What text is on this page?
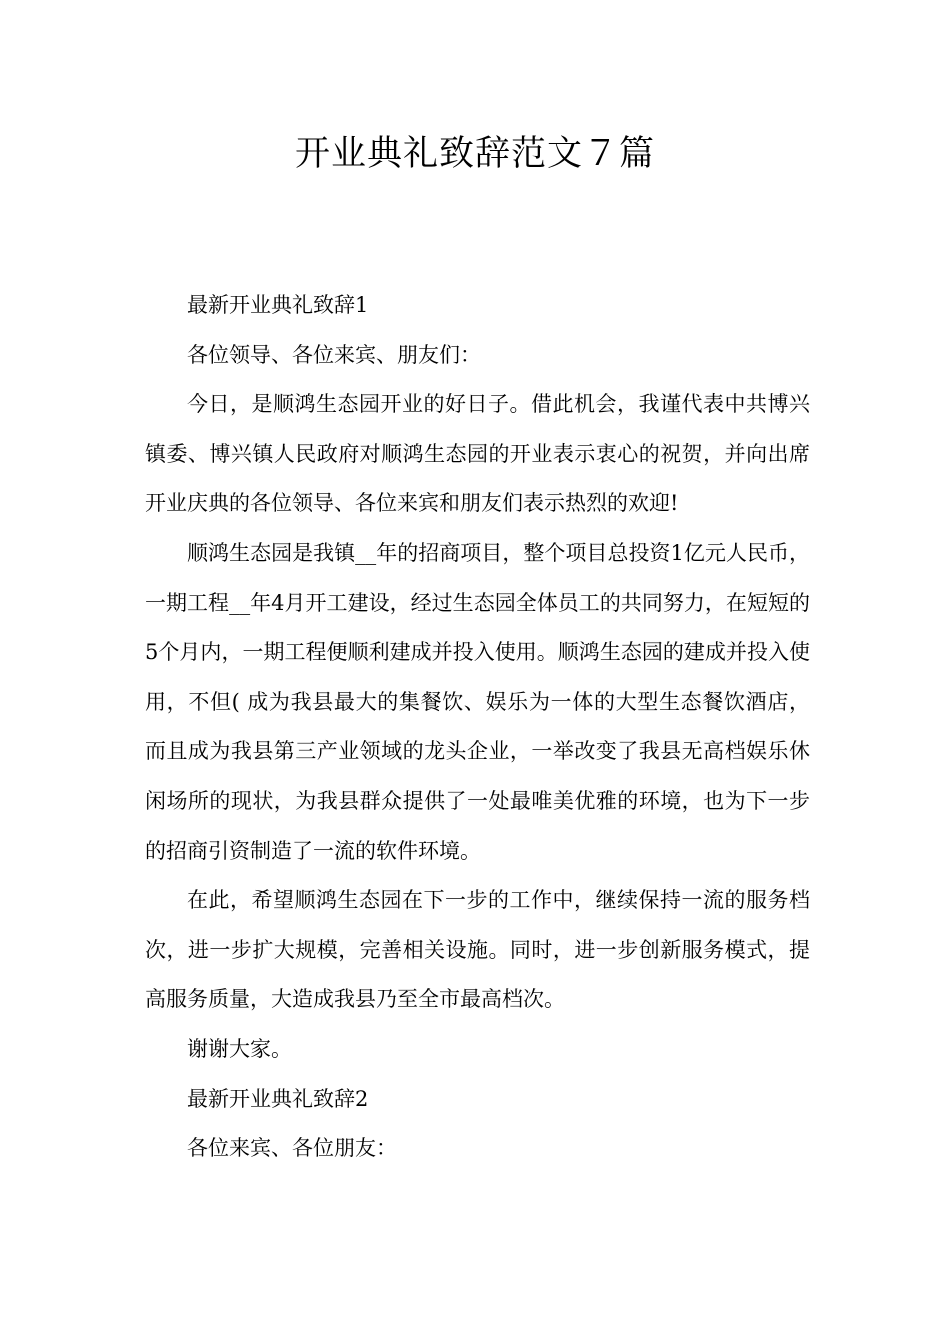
开业典礼致辞范文７篇

最新开业典礼致辞1

各位领导、各位来宾、朋友们：

今日，是顺鸿生态园开业的好日子。借此机会，我谨代表中共博兴镇委、博兴镇人民政府对顺鸿生态园的开业表示衷心的祝贺，并向出席开业庆典的各位领导、各位来宾和朋友们表示热烈的欢迎!

顺鸿生态园是我镇__年的招商项目，整个项目总投资1亿元人民币，一期工程__年4月开工建设，经过生态园全体员工的共同努力，在短短的5个月内，一期工程便顺利建成并投入使用。顺鸿生态园的建成并投入使用，不但( 成为我县最大的集餐饮、娱乐为一体的大型生态餐饮酒店，而且成为我县第三产业领域的龙头企业，一举改变了我县无高档娱乐休闲场所的现状，为我县群众提供了一处最唯美优雅的环境，也为下一步的招商引资制造了一流的软件环境。

在此，希望顺鸿生态园在下一步的工作中，继续保持一流的服务档次，进一步扩大规模，完善相关设施。同时，进一步创新服务模式，提高服务质量，大造成我县乃至全市最高档次。

谢谢大家。

最新开业典礼致辞2

各位来宾、各位朋友：
